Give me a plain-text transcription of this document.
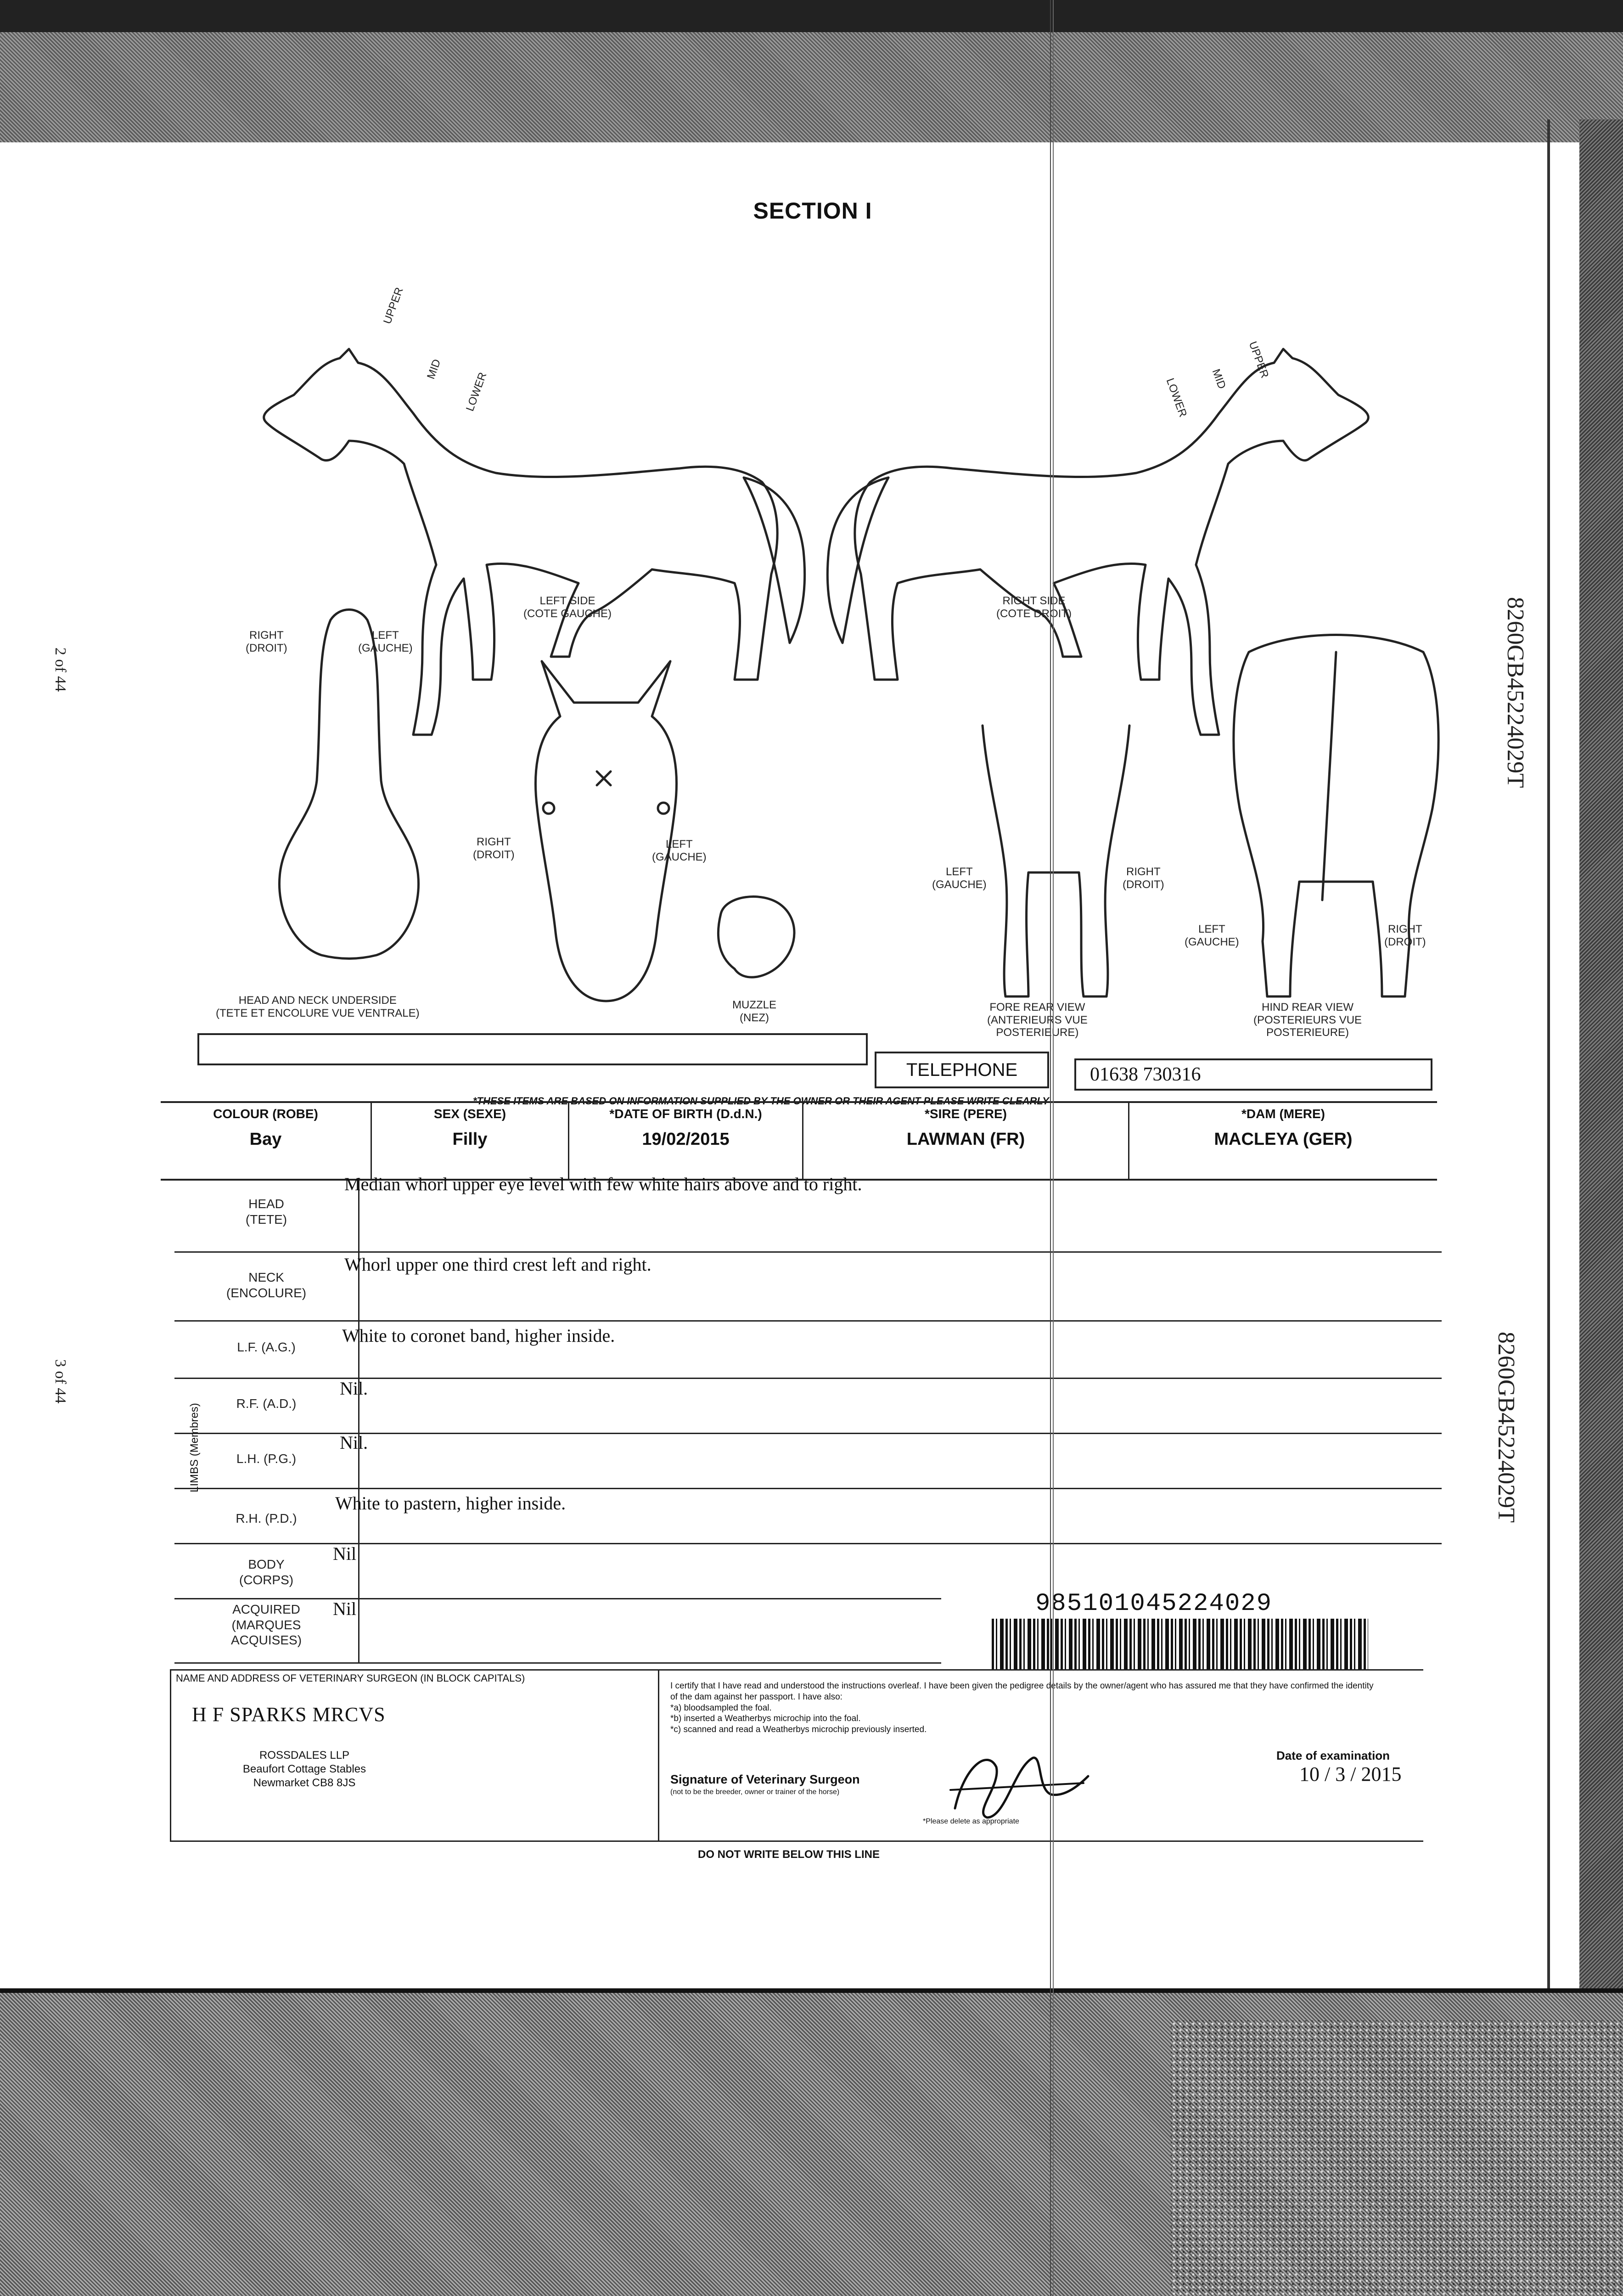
SECTION I
2 of 44
3 of 44
8260GB45224029T
8260GB45224029T
UPPER
MID
LOWER
UPPER
MID
LOWER
LEFT SIDE
(COTE GAUCHE)
RIGHT SIDE
(COTE DROIT)
RIGHT
(DROIT)
LEFT
(GAUCHE)
HEAD AND NECK UNDERSIDE
(TETE ET ENCOLURE VUE VENTRALE)
RIGHT
(DROIT)
LEFT
(GAUCHE)
MUZZLE
(NEZ)
LEFT
(GAUCHE)
RIGHT
(DROIT)
FORE REAR VIEW
(ANTERIEURS VUE
POSTERIEURE)
LEFT
(GAUCHE)
RIGHT
(DROIT)
HIND REAR VIEW
(POSTERIEURS VUE
POSTERIEURE)
TELEPHONE	01638 730316
*THESE ITEMS ARE BASED ON INFORMATION SUPPLIED BY THE OWNER OR THEIR AGENT PLEASE WRITE CLEARLY
COLOUR (ROBE)
Bay
SEX (SEXE)
Filly
*DATE OF BIRTH (D.d.N.)
19/02/2015
*SIRE (PERE)
LAWMAN (FR)
*DAM (MERE)
MACLEYA (GER)
HEAD
(TETE)
Median whorl upper eye level with few white hairs above and to right.
NECK
(ENCOLURE)
Whorl upper one third crest left and right.
LIMBS (Membres)
L.F. (A.G.)
White to coronet band, higher inside.
R.F. (A.D.)
Nil.
L.H. (P.G.)
Nil.
R.H. (P.D.)
White to pastern, higher inside.
BODY
(CORPS)
Nil
ACQUIRED
(MARQUES
ACQUISES)
Nil	985101045224029
NAME AND ADDRESS OF VETERINARY SURGEON (IN BLOCK CAPITALS)
H F SPARKS MRCVS
ROSSDALES LLP
Beaufort Cottage Stables
Newmarket CB8 8JS
I certify that I have read and understood the instructions overleaf. I have been given the pedigree details by the owner/agent who has assured me that they have confirmed the identity of the dam against her passport. I have also:
*a) bloodsampled the foal.
*b) inserted a Weatherbys microchip into the foal.
*c) scanned and read a Weatherbys microchip previously inserted.
Signature of Veterinary Surgeon
(not to be the breeder, owner or trainer of the horse)
*Please delete as appropriate
Date of examination
10 / 3 / 2015
DO NOT WRITE BELOW THIS LINE
